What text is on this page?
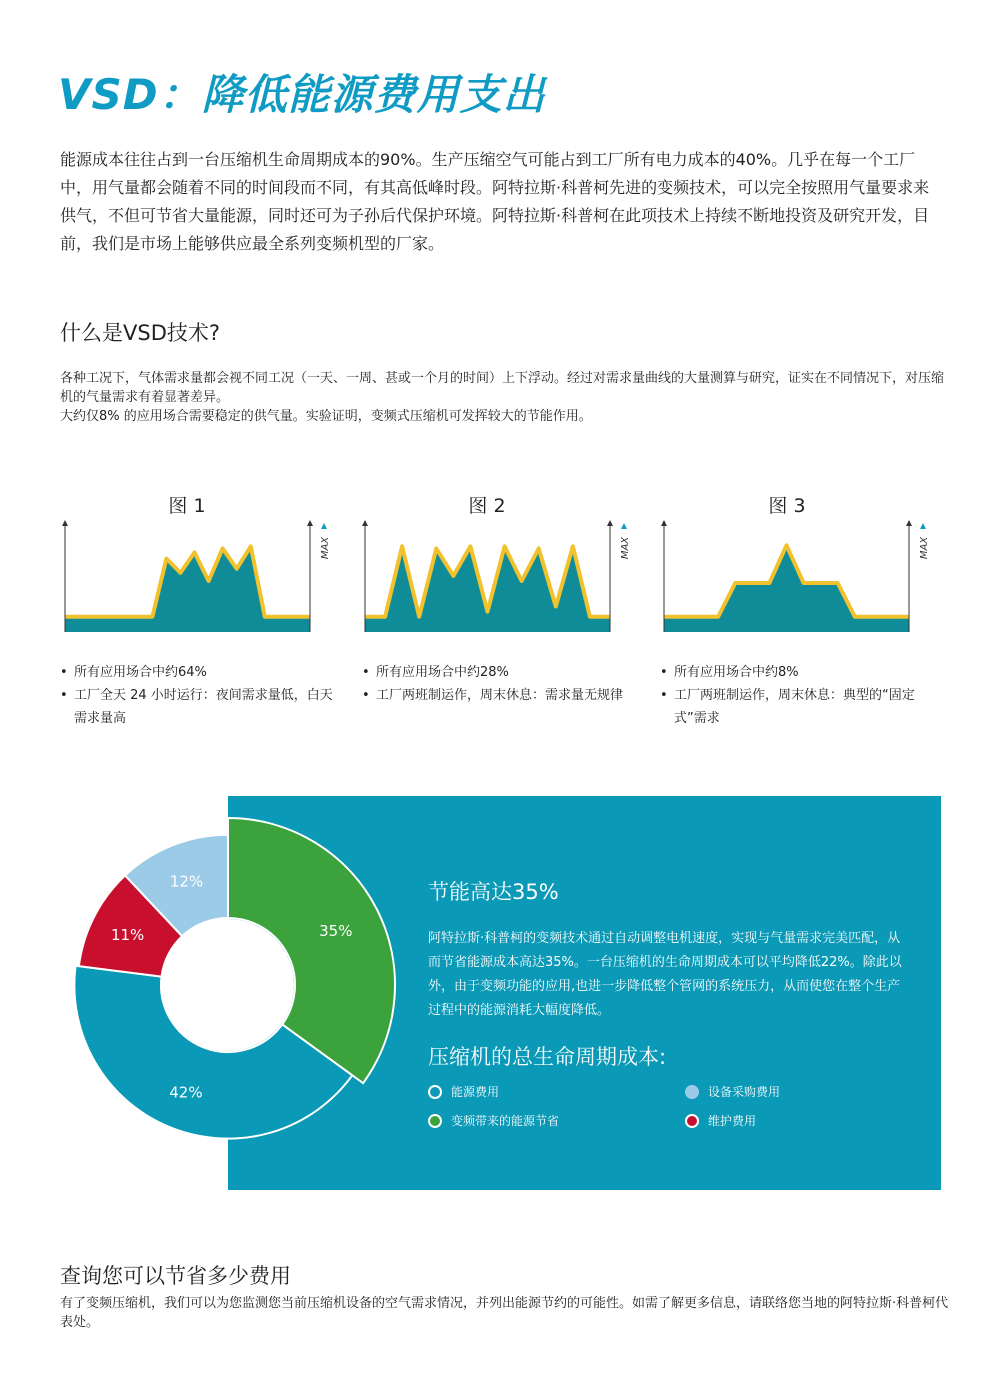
VSD：降低能源费用支出

能源成本往往占到一台压缩机生命周期成本的90%。生产压缩空气可能占到工厂所有电力成本的40%。几乎在每一个工厂中，用气量都会随着不同的时间段而不同，有其高低峰时段。阿特拉斯·科普柯先进的变频技术，可以完全按照用气量要求来供气，不但可节省大量能源，同时还可为子孙后代保护环境。阿特拉斯·科普柯在此项技术上持续不断地投资及研究开发，目前，我们是市场上能够供应最全系列变频机型的厂家。

什么是VSD技术?

各种工况下，气体需求量都会视不同工况（一天、一周、甚或一个月的时间）上下浮动。经过对需求量曲线的大量测算与研究，证实在不同情况下，对压缩机的气量需求有着显著差异。

大约仅8% 的应用场合需要稳定的供气量。实验证明，变频式压缩机可发挥较大的节能作用。

图 1
MAX
• 所有应用场合中约64%
• 工厂全天 24 小时运行：夜间需求量低，白天需求量高
图 2
MAX
• 所有应用场合中约28%
• 工厂两班制运作，周末休息：需求量无规律
图 3
MAX
• 所有应用场合中约8%
• 工厂两班制运作，周末休息：典型的“固定式”需求
节能高达35%

阿特拉斯·科普柯的变频技术通过自动调整电机速度，实现与气量需求完美匹配，从而节省能源成本高达35%。一台压缩机的生命周期成本可以平均降低22%。除此以外，由于变频功能的应用,也进一步降低整个管网的系统压力，从而使您在整个生产过程中的能源消耗大幅度降低。

压缩机的总生命周期成本:
能源费用	设备采购费用
变频带来的能源节省	维护费用
35%
42%
11%
12%
查询您可以节省多少费用

有了变频压缩机，我们可以为您监测您当前压缩机设备的空气需求情况，并列出能源节约的可能性。如需了解更多信息，请联络您当地的阿特拉斯·科普柯代表处。
